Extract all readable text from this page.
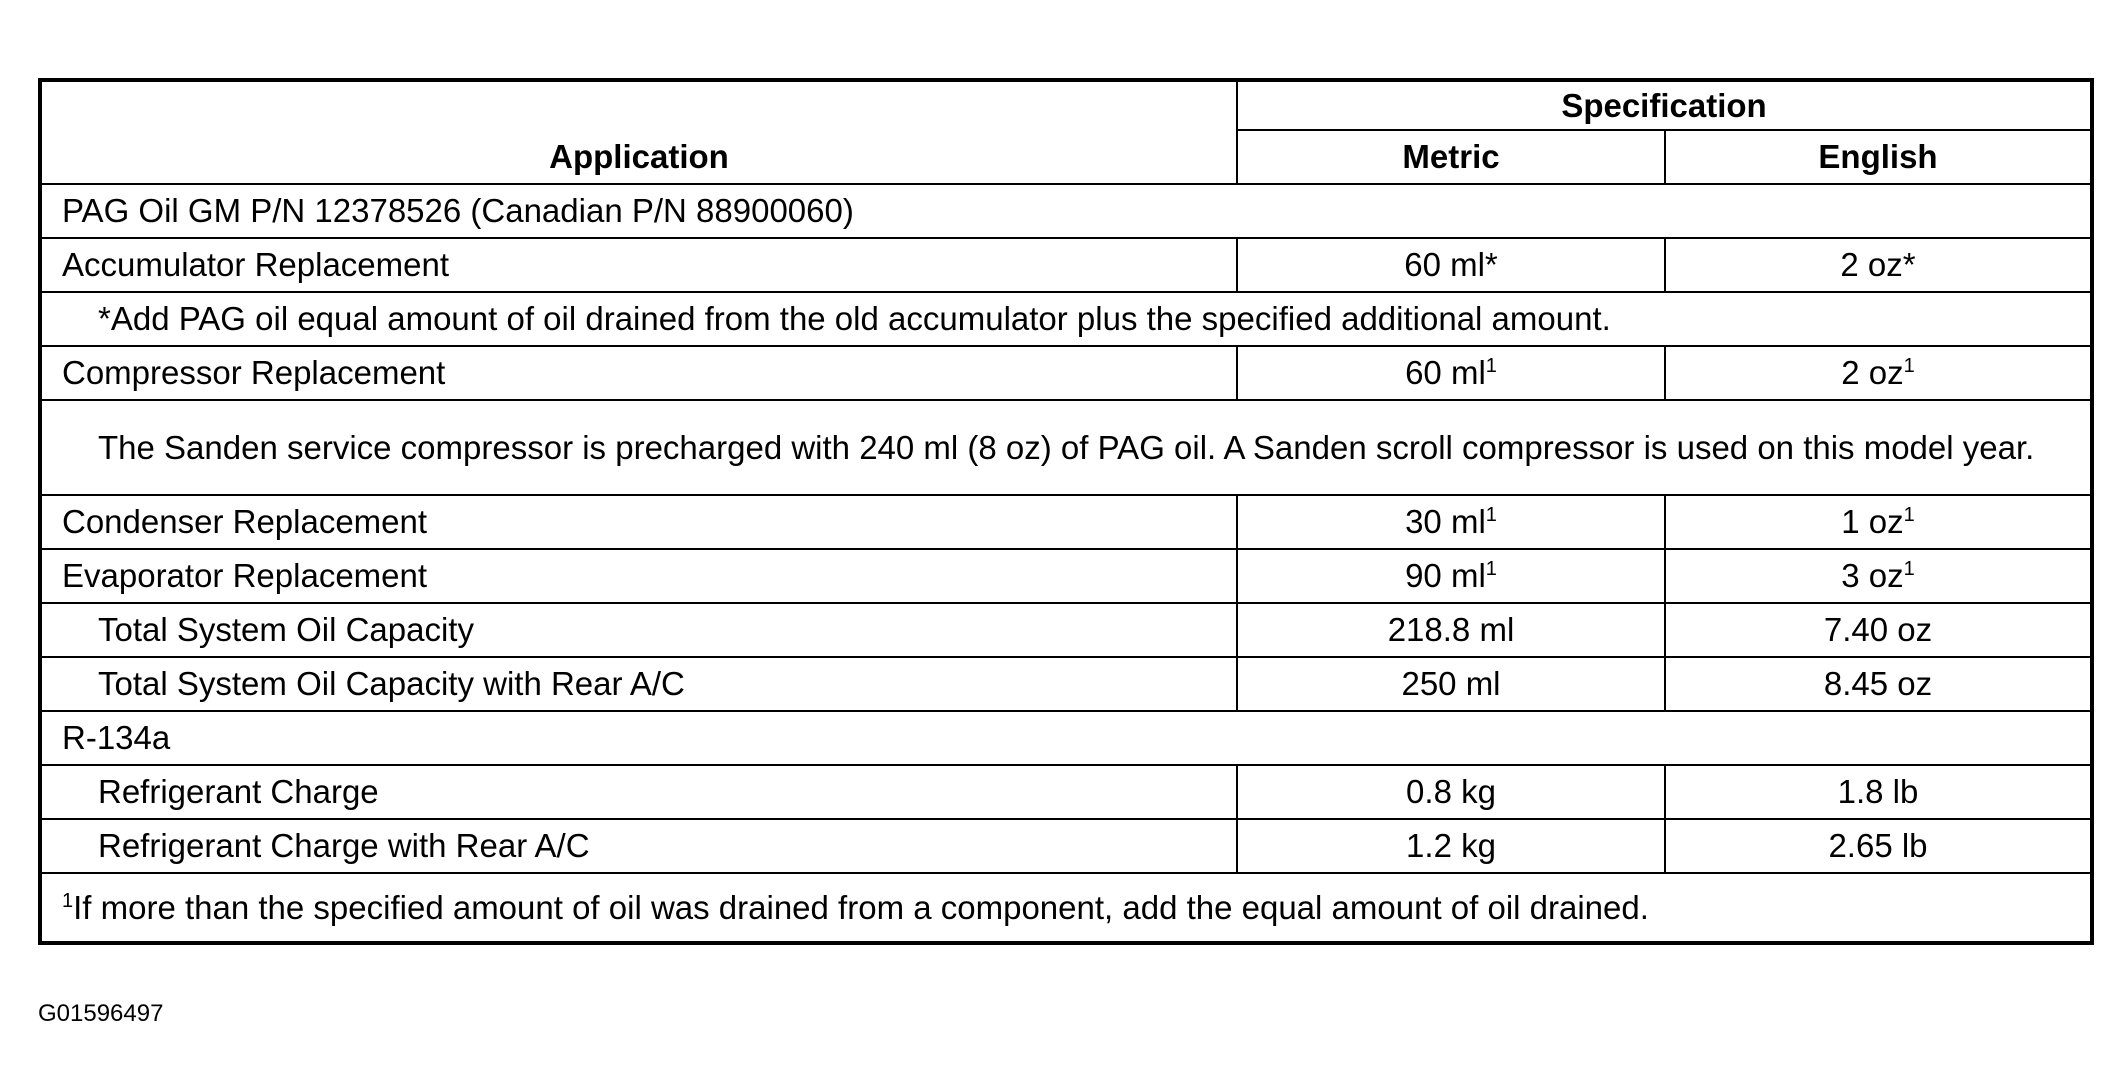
Application	Specification	
	Metric	English
PAG Oil GM P/N 12378526 (Canadian P/N 88900060)		
Accumulator Replacement	60 ml*	2 oz*
*Add PAG oil equal amount of oil drained from the old accumulator plus the specified additional amount.		
Compressor Replacement	60 $ml^1$	2 $oz^1$
The Sanden service compressor is precharged with 240 ml (8 oz) of PAG oil. A Sanden scroll compressor is used on this model year.		
Condenser Replacement	30 $ml^1$	1 $oz^1$
Evaporator Replacement	90 $ml^1$	3 $oz^1$
Total System Oil Capacity	218.8 ml	7.40 oz
Total System Oil Capacity with Rear A/C	250 ml	8.45 oz
R-134a		
Refrigerant Charge	0.8 kg	1.8 lb
Refrigerant Charge with Rear A/C	1.2 kg	2.65 lb
$^1$If more than the specified amount of oil was drained from a component, add the equal amount of oil drained.		
G01596497
